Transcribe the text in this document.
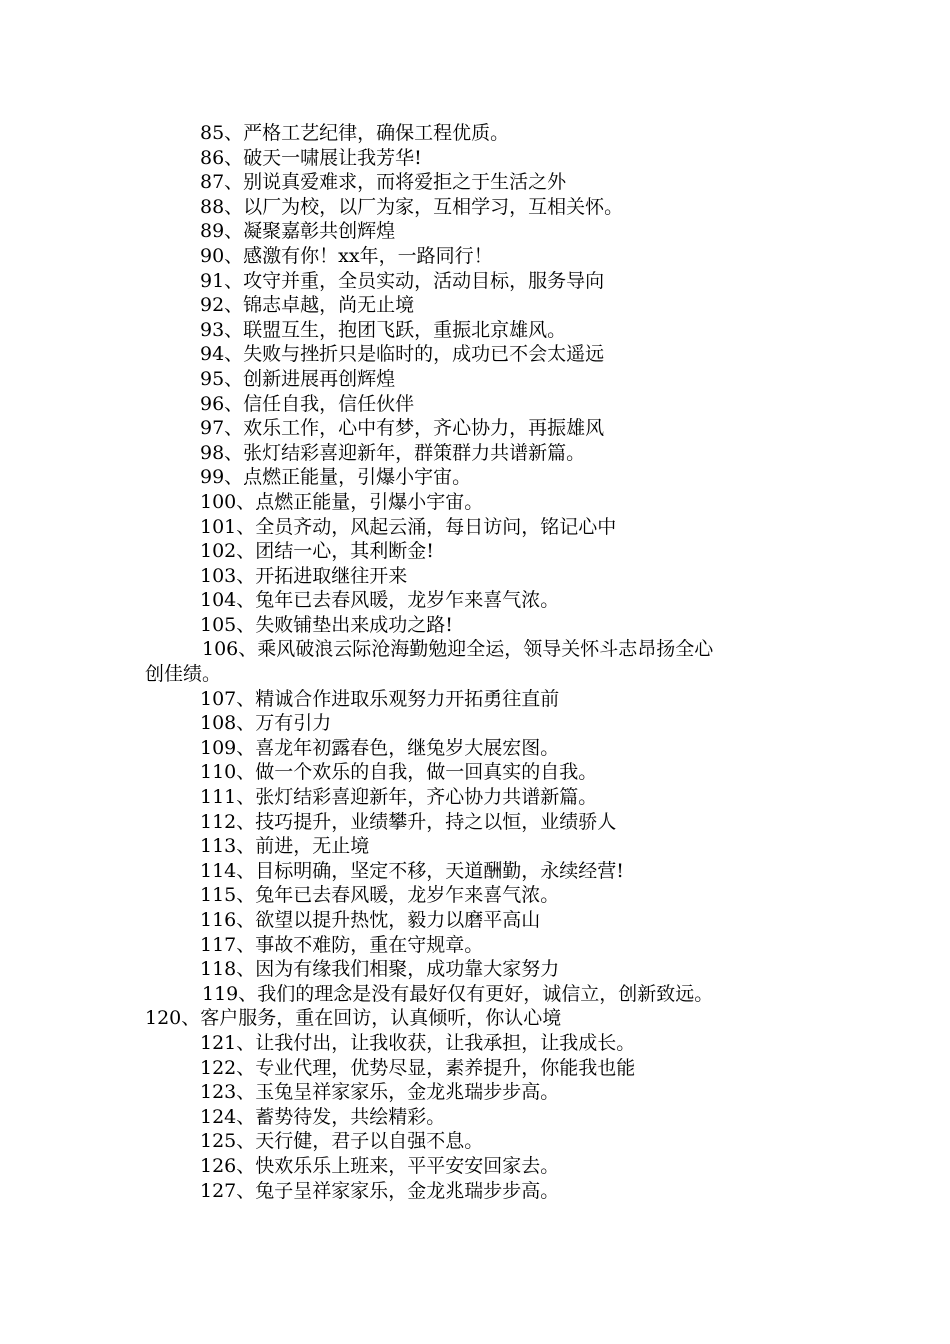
85、严格工艺纪律，确保工程优质。
86、破天一啸展让我芳华!
87、别说真爱难求，而将爱拒之于生活之外
88、以厂为校，以厂为家，互相学习，互相关怀。
89、凝聚嘉彰共创辉煌
90、感激有你！xx年，一路同行！
91、攻守并重，全员实动，活动目标，服务导向
92、锦志卓越，尚无止境
93、联盟互生，抱团飞跃，重振北京雄风。
94、失败与挫折只是临时的，成功已不会太遥远
95、创新进展再创辉煌
96、信任自我，信任伙伴
97、欢乐工作，心中有梦，齐心协力，再振雄风
98、张灯结彩喜迎新年，群策群力共谱新篇。
99、点燃正能量，引爆小宇宙。
100、点燃正能量，引爆小宇宙。
101、全员齐动，风起云涌，每日访问，铭记心中
102、团结一心，其利断金!
103、开拓进取继往开来
104、兔年已去春风暖，龙岁乍来喜气浓。
105、失败铺垫出来成功之路!
106、乘风破浪云际沧海勤勉迎全运，领导关怀斗志昂扬全心
创佳绩。
107、精诚合作进取乐观努力开拓勇往直前
108、万有引力
109、喜龙年初露春色，继兔岁大展宏图。
110、做一个欢乐的自我，做一回真实的自我。
111、张灯结彩喜迎新年，齐心协力共谱新篇。
112、技巧提升，业绩攀升，持之以恒，业绩骄人
113、前进，无止境
114、目标明确，坚定不移，天道酬勤，永续经营!
115、兔年已去春风暖，龙岁乍来喜气浓。
116、欲望以提升热忱，毅力以磨平高山
117、事故不难防，重在守规章。
118、因为有缘我们相聚，成功靠大家努力
119、我们的理念是没有最好仅有更好，诚信立，创新致远。
120、客户服务，重在回访，认真倾听，你认心境
121、让我付出，让我收获，让我承担，让我成长。
122、专业代理，优势尽显，素养提升，你能我也能
123、玉兔呈祥家家乐，金龙兆瑞步步高。
124、蓄势待发，共绘精彩。
125、天行健，君子以自强不息。
126、快欢乐乐上班来，平平安安回家去。
127、兔子呈祥家家乐，金龙兆瑞步步高。
